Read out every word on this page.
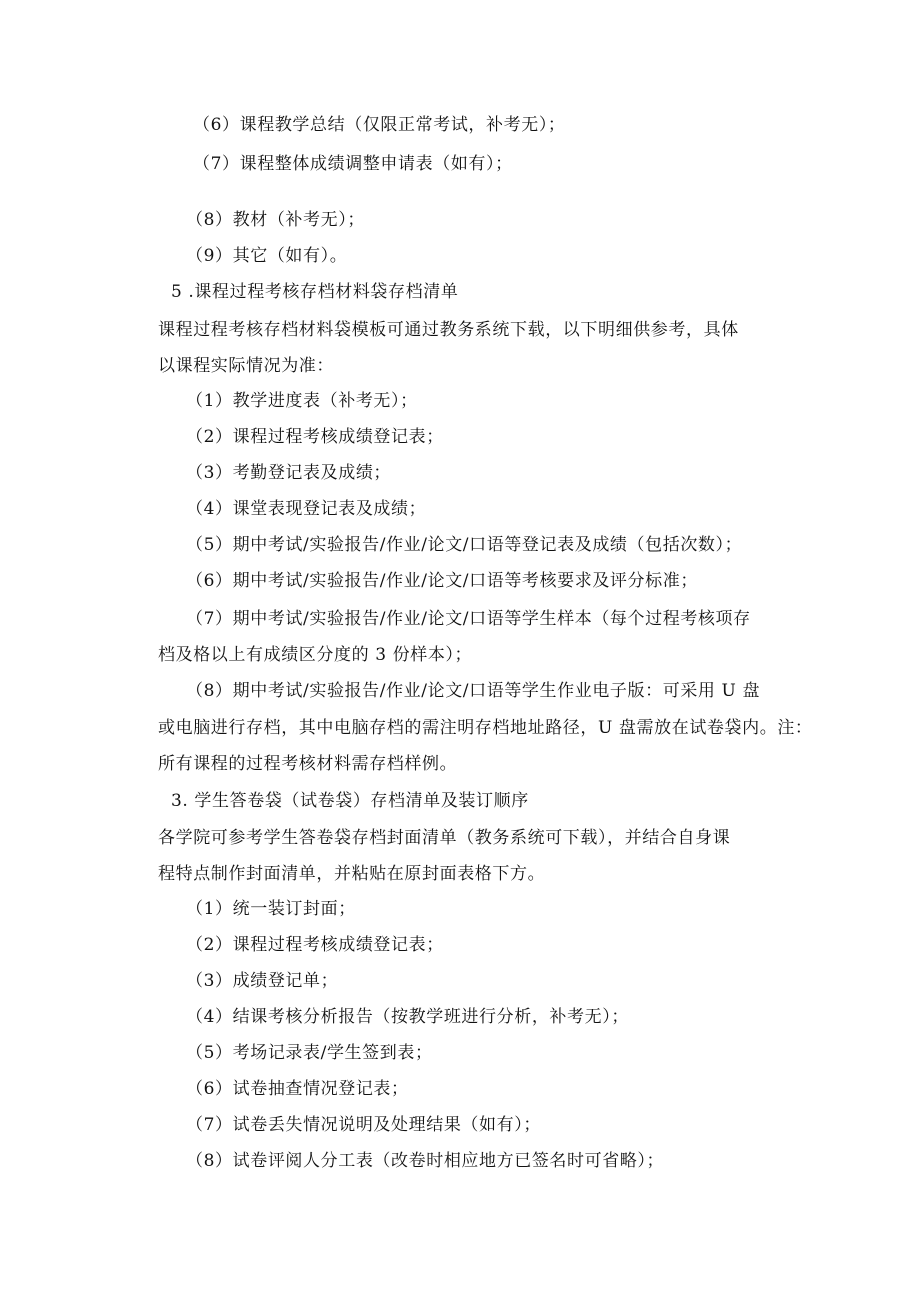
（6）课程教学总结（仅限正常考试，补考无）；
（7）课程整体成绩调整申请表（如有）；
（8）教材（补考无）；
（9）其它（如有）。
5 .课程过程考核存档材料袋存档清单
课程过程考核存档材料袋模板可通过教务系统下载，以下明细供参考，具体
以课程实际情况为准：
（1）教学进度表（补考无）；
（2）课程过程考核成绩登记表；
（3）考勤登记表及成绩；
（4）课堂表现登记表及成绩；
（5）期中考试/实验报告/作业/论文/口语等登记表及成绩（包括次数）；
（6）期中考试/实验报告/作业/论文/口语等考核要求及评分标准；
（7）期中考试/实验报告/作业/论文/口语等学生样本（每个过程考核项存
档及格以上有成绩区分度的 3 份样本）；
（8）期中考试/实验报告/作业/论文/口语等学生作业电子版：可采用 U 盘
或电脑进行存档，其中电脑存档的需注明存档地址路径，U 盘需放在试卷袋内。注：
所有课程的过程考核材料需存档样例。
3. 学生答卷袋（试卷袋）存档清单及装订顺序
各学院可参考学生答卷袋存档封面清单（教务系统可下载），并结合自身课
程特点制作封面清单，并粘贴在原封面表格下方。
（1）统一装订封面；
（2）课程过程考核成绩登记表；
（3）成绩登记单；
（4）结课考核分析报告（按教学班进行分析，补考无）；
（5）考场记录表/学生签到表；
（6）试卷抽查情况登记表；
（7）试卷丢失情况说明及处理结果（如有）；
（8）试卷评阅人分工表（改卷时相应地方已签名时可省略）；
